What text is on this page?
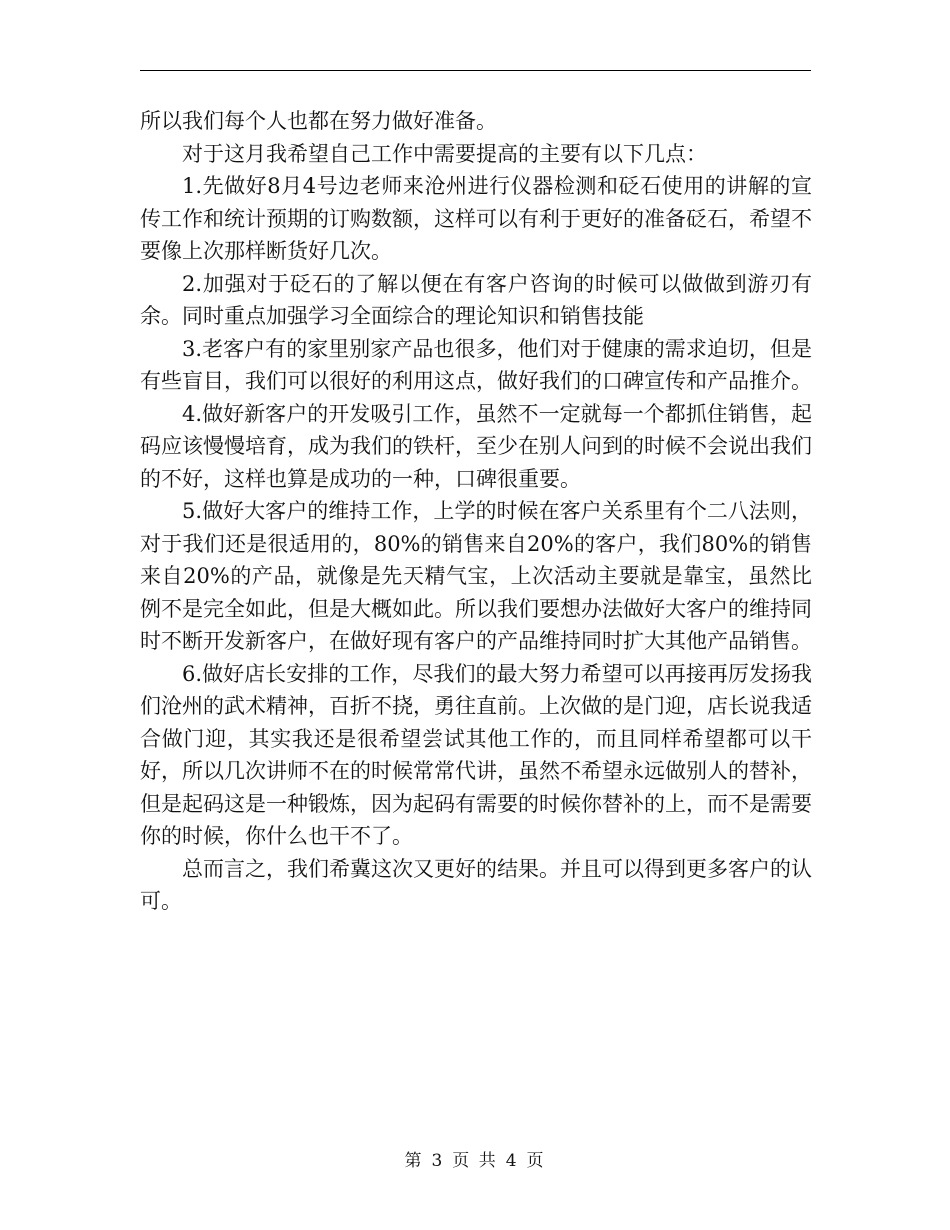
所以我们每个人也都在努力做好准备。

对于这月我希望自己工作中需要提高的主要有以下几点：

1.先做好8月4号边老师来沧州进行仪器检测和砭石使用的讲解的宣传工作和统计预期的订购数额，这样可以有利于更好的准备砭石，希望不要像上次那样断货好几次。

2.加强对于砭石的了解以便在有客户咨询的时候可以做做到游刃有余。同时重点加强学习全面综合的理论知识和销售技能

3.老客户有的家里别家产品也很多，他们对于健康的需求迫切，但是有些盲目，我们可以很好的利用这点，做好我们的口碑宣传和产品推介。

4.做好新客户的开发吸引工作，虽然不一定就每一个都抓住销售，起码应该慢慢培育，成为我们的铁杆，至少在别人问到的时候不会说出我们的不好，这样也算是成功的一种，口碑很重要。

5.做好大客户的维持工作，上学的时候在客户关系里有个二八法则，对于我们还是很适用的，80%的销售来自20%的客户，我们80%的销售来自20%的产品，就像是先天精气宝，上次活动主要就是靠宝，虽然比例不是完全如此，但是大概如此。所以我们要想办法做好大客户的维持同时不断开发新客户，在做好现有客户的产品维持同时扩大其他产品销售。

6.做好店长安排的工作，尽我们的最大努力希望可以再接再厉发扬我们沧州的武术精神，百折不挠，勇往直前。上次做的是门迎，店长说我适合做门迎，其实我还是很希望尝试其他工作的，而且同样希望都可以干好，所以几次讲师不在的时候常常代讲，虽然不希望永远做别人的替补，但是起码这是一种锻炼，因为起码有需要的时候你替补的上，而不是需要你的时候，你什么也干不了。

总而言之，我们希冀这次又更好的结果。并且可以得到更多客户的认可。

第 3 页 共 4 页
